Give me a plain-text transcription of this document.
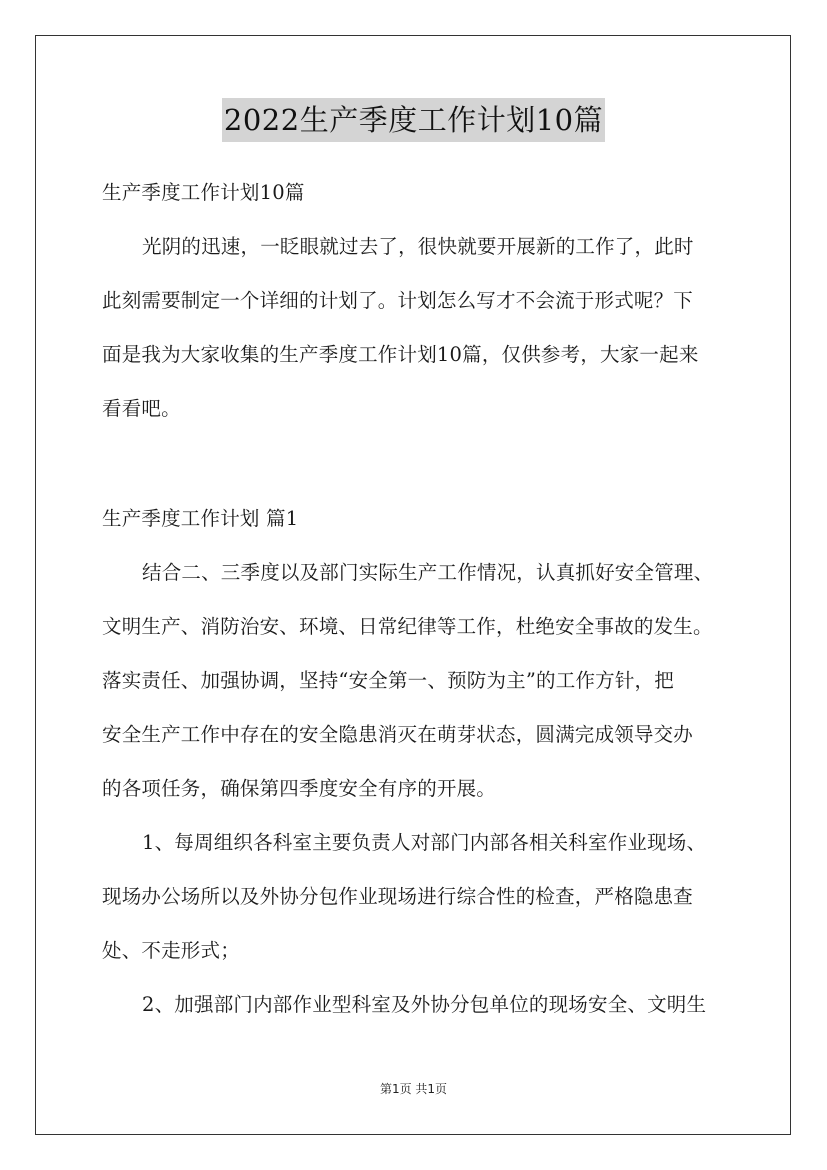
2022生产季度工作计划10篇
生产季度工作计划10篇
光阴的迅速，一眨眼就过去了，很快就要开展新的工作了，此时
此刻需要制定一个详细的计划了。计划怎么写才不会流于形式呢？下
面是我为大家收集的生产季度工作计划10篇，仅供参考，大家一起来
看看吧。
生产季度工作计划 篇1
结合二、三季度以及部门实际生产工作情况，认真抓好安全管理、
文明生产、消防治安、环境、日常纪律等工作，杜绝安全事故的发生。
落实责任、加强协调，坚持“安全第一、预防为主”的工作方针，把
安全生产工作中存在的安全隐患消灭在萌芽状态，圆满完成领导交办
的各项任务，确保第四季度安全有序的开展。
1、每周组织各科室主要负责人对部门内部各相关科室作业现场、
现场办公场所以及外协分包作业现场进行综合性的检查，严格隐患查
处、不走形式；
2、加强部门内部作业型科室及外协分包单位的现场安全、文明生
第1页 共1页
